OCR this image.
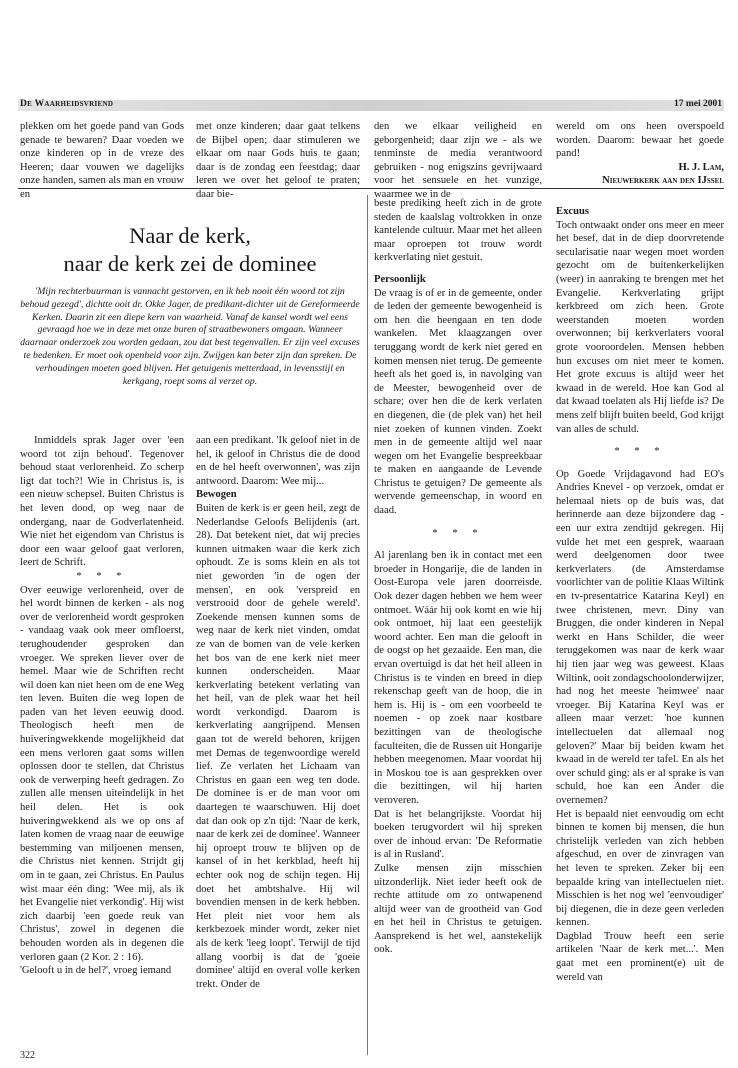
De Waarheidsvriend	17 mei 2001

plekken om het goede pand van Gods genade te bewaren? Daar voeden we onze kinderen op in de vreze des Heeren; daar vouwen we dagelijks onze handen, samen als man en vrouw en

met onze kinderen; daar gaat telkens de Bijbel open; daar stimuleren we elkaar om naar Gods huis te gaan; daar is de zondag een feestdag; daar leren we over het geloof te praten; daar bie-

den we elkaar veiligheid en geborgenheid; daar zijn we - als we tenminste de media verantwoord gebruiken - nog enigszins gevrijwaard voor het sensuele en het vunzige, waarmee we in de

wereld om ons heen overspoeld worden. Daarom: bewaar het goede pand!

H. J. Lam,

Nieuwerkerk aan den IJssel

Naar de kerk,
naar de kerk zei de dominee
'Mijn rechterbuurman is vannacht gestorven, en ik heb nooit één woord tot zijn behoud gezegd', dichtte ooit dr. Okke Jager, de predikant-dichter uit de Gereformeerde Kerken. Daarin zit een diepe kern van waarheid. Vanaf de kansel wordt wel eens gevraagd hoe we in deze met onze buren of straatbewoners omgaan. Wanneer daarnaar onderzoek zou worden gedaan, zou dat best tegenvallen. Er zijn veel excuses te bedenken. Er moet ook openheid voor zijn. Zwijgen kan beter zijn dan spreken. De verhoudingen moeten goed blijven. Het getuigenis metterdaad, in levensstijl en kerkgang, roept soms al verzet op.

Inmiddels sprak Jager over 'een woord tot zijn behoud'. Tegenover behoud staat verlorenheid. Zo scherp ligt dat toch?! Wie in Christus is, is een nieuw schepsel. Buiten Christus is het leven dood, op weg naar de ondergang, naar de Godverlatenheid. Wie niet het eigendom van Christus is door een waar geloof gaat verloren, leert de Schrift.

* * *

Over eeuwige verlorenheid, over de hel wordt binnen de kerken - als nog over de verlorenheid wordt gesproken - vandaag vaak ook meer omfloerst, terughoudender gesproken dan vroeger. We spreken liever over de hemel. Maar wie de Schriften recht wil doen kan niet heen om de ene Weg ten leven. Buiten die weg lopen de paden van het leven eeuwig dood. Theologisch heeft men de huiveringwekkende mogelijkheid dat een mens verloren gaat soms willen oplossen door te stellen, dat Christus ook de verwerping heeft gedragen. Zo zullen alle mensen uiteindelijk in het heil delen. Het is ook huiveringwekkend als we op ons af laten komen de vraag naar de eeuwige bestemming van miljoenen mensen, die Christus niet kennen. Strijdt gij om in te gaan, zei Christus. En Paulus wist maar één ding: 'Wee mij, als ik het Evangelie niet verkondig'. Hij wist zich daarbij 'een goede reuk van Christus', zowel in degenen die behouden worden als in degenen die verloren gaan (2 Kor. 2 : 16).

'Gelooft u in de hel?', vroeg iemand

aan een predikant. 'Ik geloof niet in de hel, ik geloof in Christus die de dood en de hel heeft overwonnen', was zijn antwoord. Daarom: Wee mij...

Bewogen

Buiten de kerk is er geen heil, zegt de Nederlandse Geloofs Belijdenis (art. 28). Dat betekent niet, dat wij precies kunnen uitmaken waar die kerk zich ophoudt. Ze is soms klein en als tot niet geworden 'in de ogen der mensen', en ook 'verspreid en verstrooid door de gehele wereld'. Zoekende mensen kunnen soms de weg naar de kerk niet vinden, omdat ze van de bomen van de vele kerken het bos van de ene kerk niet meer kunnen onderscheiden. Maar kerkverlating betekent verlating van het heil, van de plek waar het heil wordt verkondigd. Daarom is kerkverlating aangrijpend. Mensen gaan tot de wereld behoren, krijgen met Demas de tegenwoordige wereld lief. Ze verlaten het Lichaam van Christus en gaan een weg ten dode. De dominee is er de man voor om daartegen te waarschuwen. Hij doet dat dan ook op z'n tijd: 'Naar de kerk, naar de kerk zei de dominee'. Wanneer hij oproept trouw te blijven op de kansel of in het kerkblad, heeft hij echter ook nog de schijn tegen. Hij doet het ambtshalve. Hij wil bovendien mensen in de kerk hebben. Het pleit niet voor hem als kerkbezoek minder wordt, zeker niet als de kerk 'leeg loopt'. Terwijl de tijd allang voorbij is dat de 'goeie dominee' altijd en overal volle kerken trekt. Onder de

beste prediking heeft zich in de grote steden de kaalslag voltrokken in onze kantelende cultuur. Maar met het alleen maar oproepen tot trouw wordt kerkverlating niet gestuit.

Persoonlijk

De vraag is of er in de gemeente, onder de leden der gemeente bewogenheid is om hen die heengaan en ten dode wankelen. Met klaagzangen over teruggang wordt de kerk niet gered en komen mensen niet terug. De gemeente heeft als het goed is, in navolging van de Meester, bewogenheid over de schare; over hen die de kerk verlaten en diegenen, die (de plek van) het heil niet zoeken of kunnen vinden. Zoekt men in de gemeente altijd wel naar wegen om het Evangelie bespreekbaar te maken en aangaande de Levende Christus te getuigen? De gemeente als wervende gemeenschap, in woord en daad.

* * *

Al jarenlang ben ik in contact met een broeder in Hongarije, die de landen in Oost-Europa vele jaren doorreisde. Ook dezer dagen hebben we hem weer ontmoet. Wáár hij ook komt en wie hij ook ontmoet, hij laat een geestelijk woord achter. Een man die gelooft in de oogst op het gezaaide. Een man, die ervan overtuigd is dat het heil alleen in Christus is te vinden en breed in diep rekenschap geeft van de hoop, die in hem is. Hij is - om een voorbeeld te noemen - op zoek naar kostbare bezittingen van de theologische faculteiten, die de Russen uit Hongarije hebben meegenomen. Maar voordat hij in Moskou toe is aan gesprekken over die bezittingen, wil hij harten veroveren.

Dat is het belangrijkste. Voordat hij boeken terugvordert wil hij spreken over de inhoud ervan: 'De Reformatie is al in Rusland'.

Zulke mensen zijn misschien uitzonderlijk. Niet ieder heeft ook de rechte attitude om zo ontwapenend altijd weer van de grootheid van God en het heil in Christus te getuigen. Aansprekend is het wel, aanstekelijk ook.

Excuus

Toch ontwaakt onder ons meer en meer het besef, dat in de diep doorvretende secularisatie naar wegen moet worden gezocht om de buitenkerkelijken (weer) in aanraking te brengen met het Evangelie. Kerkverlating grijpt kerkbreed om zich heen. Grote weerstanden moeten worden overwonnen; bij kerkverlaters vooral grote vooroordelen. Mensen hebben hun excuses om niet meer te komen. Het grote excuus is altijd weer het kwaad in de wereld. Hoe kan God al dat kwaad toelaten als Hij liefde is? De mens zelf blijft buiten beeld, God krijgt van alles de schuld.

* * *

Op Goede Vrijdagavond had EO's Andries Knevel - op verzoek, omdat er helemaal niets op de buis was, dat herinnerde aan deze bijzondere dag - een uur extra zendtijd gekregen. Hij vulde het met een gesprek, waaraan werd deelgenomen door twee kerkverlaters (de Amsterdamse voorlichter van de politie Klaas Wiltink en tv-presentatrice Katarina Keyl) en twee christenen, mevr. Diny van Bruggen, die onder kinderen in Nepal werkt en Hans Schilder, die weer teruggekomen was naar de kerk waar hij tien jaar weg was geweest. Klaas Wiltink, ooit zondagschoolonderwijzer, had nog het meeste 'heimwee' naar vroeger. Bij Katarina Keyl was er alleen maar verzet: 'hoe kunnen intellectuelen dat allemaal nog geloven?' Maar bij beiden kwam het kwaad in de wereld ter tafel. En als het over schuld ging: als er al sprake is van schuld, hoe kan een Ander die overnemen?

Het is bepaald niet eenvoudig om echt binnen te komen bij mensen, die hun christelijk verleden van zich hebben afgeschud, en over de zinvragen van het leven te spreken. Zeker bij een bepaalde kring van intellectuelen niet. Misschien is het nog wel 'eenvoudiger' bij diegenen, die in deze geen verleden kennen.

Dagblad Trouw heeft een serie artikelen 'Naar de kerk met...'. Men gaat met een prominent(e) uit de wereld van

322
